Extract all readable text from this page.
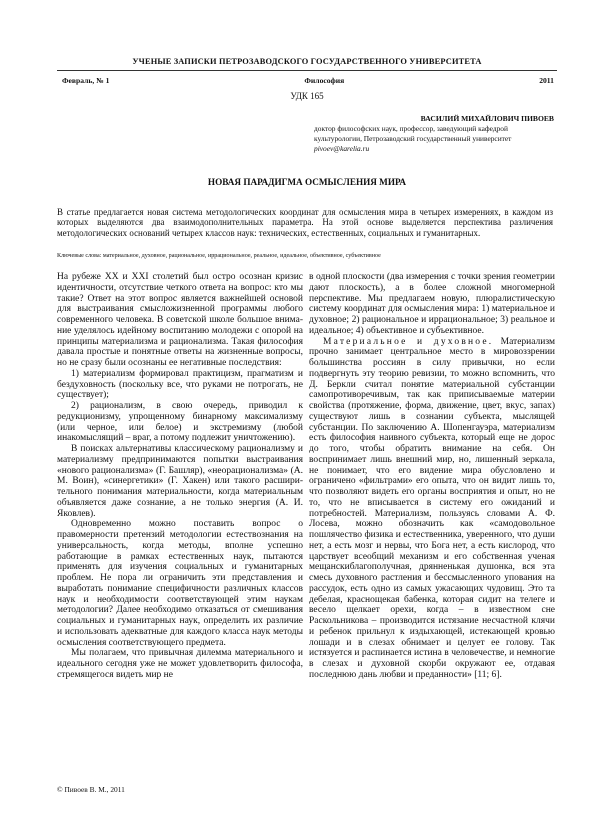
УЧЕНЫЕ ЗАПИСКИ ПЕТРОЗАВОДСКОГО ГОСУДАРСТВЕННОГО УНИВЕРСИТЕТА
Февраль, № 1	Философия	2011
УДК 165
ВАСИЛИЙ МИХАЙЛОВИЧ ПИВОЕВ
доктор философских наук, профессор, заведующий кафедрой
культурологии, Петрозаводский государственный университет
pivoev@karelia.ru
НОВАЯ ПАРАДИГМА ОСМЫСЛЕНИЯ МИРА

В статье предлагается новая система методологических координат для осмысления мира в четырех измерениях, в каждом из которых выделяются два взаимодополнительных параметра. На этой основе выделяется перспектива различения методологических оснований четырех классов наук: технических, естественных, социальных и гуманитарных.

Ключевые слова: материальное, духовное, рациональное, иррациональное, реальное, идеальное, объективное, субъективное

На рубеже XX и XXI столетий был остро осознан кризис идентичности, отсутствие четкого ответа на вопрос: кто мы такие? Ответ на этот вопрос является важнейшей основой для выстраивания смысложизненной программы любого современного человека. В советской школе большое внимание уделялось идейному воспитанию молодежи с опорой на принципы материализма и рационализма. Такая философия давала простые и понятные ответы на жизненные вопросы, но не сразу были осознаны ее негативные последствия:

1) материализм формировал практицизм, прагматизм и бездуховность (поскольку все, что руками не потрогать, не существует);

2) рационализм, в свою очередь, приводил к редукционизму, упрощенному бинарному максимализму (или черное, или белое) и экстремизму (любой инакомыслящий – враг, а потому подлежит уничтожению).

В поисках альтернативы классическому рационализму и материализму предпринимаются попытки выстраивания «нового рационализма» (Г. Башляр), «неорационализма» (А. М. Воин), «синергетики» (Г. Хакен) или такого расширительного понимания материальности, когда материальным объявляется даже сознание, а не только энергия (А. И. Яковлев).

Одновременно можно поставить вопрос о правомерности претензий методологии естествознания на универсальность, когда методы, вполне успешно работающие в рамках естественных наук, пытаются применять для изучения социальных и гуманитарных проблем. Не пора ли ограничить эти представления и выработать понимание специфичности различных классов наук и необходимости соответствующей этим наукам методологии? Далее необходимо отказаться от смешивания социальных и гуманитарных наук, определить их различие и использовать адекватные для каждого класса наук методы осмысления соответствующего предмета.

Мы полагаем, что привычная дилемма материального и идеального сегодня уже не может удовлетворить философа, стремящегося видеть мир не

в одной плоскости (два измерения с точки зрения геометрии дают плоскость), а в более сложной многомерной перспективе. Мы предлагаем новую, плюралистическую систему координат для осмысления мира: 1) материальное и духовное; 2) рациональное и иррациональное; 3) реальное и идеальное; 4) объективное и субъективное.

Материальное и духовное. Материализм прочно занимает центральное место в мировоззрении большинства россиян в силу привычки, но если подвергнуть эту теорию ревизии, то можно вспомнить, что Д. Беркли считал понятие материальной субстанции самопротиворечивым, так как приписываемые материи свойства (протяжение, форма, движение, цвет, вкус, запах) существуют лишь в сознании субъекта, мыслящей субстанции. По заключению А. Шопенгауэра, материализм есть философия наивного субъекта, который еще не дорос до того, чтобы обратить внимание на себя. Он воспринимает лишь внешний мир, но, лишенный зеркала, не понимает, что его видение мира обусловлено и ограничено «фильтрами» его опыта, что он видит лишь то, что позволяют видеть его органы восприятия и опыт, но не то, что не вписывается в систему его ожиданий и потребностей. Материализм, пользуясь словами А. Ф. Лосева, можно обозначить как «самодовольное пошлячество физика и естественника, уверенного, что души нет, а есть мозг и нервы, что Бога нет, а есть кислород, что царствует всеобщий механизм и его собственная ученая мещанскиблагополучная, дрянненькая душонка, вся эта смесь духовного растления и бессмысленного упования на рассудок, есть одно из самых ужасающих чудовищ. Это та дебелая, краснощекая бабенка, которая сидит на телеге и весело щелкает орехи, когда – в известном сне Раскольникова – производится истязание несчастной клячи и ребенок прильнул к издыхающей, истекающей кровью лошади и в слезах обнимает и целует ее голову. Так истязуется и распинается истина в человечестве, и немногие в слезах и духовной скорби окружают ее, отдавая последнюю дань любви и преданности» [11; 6].

© Пивоев В. М., 2011
